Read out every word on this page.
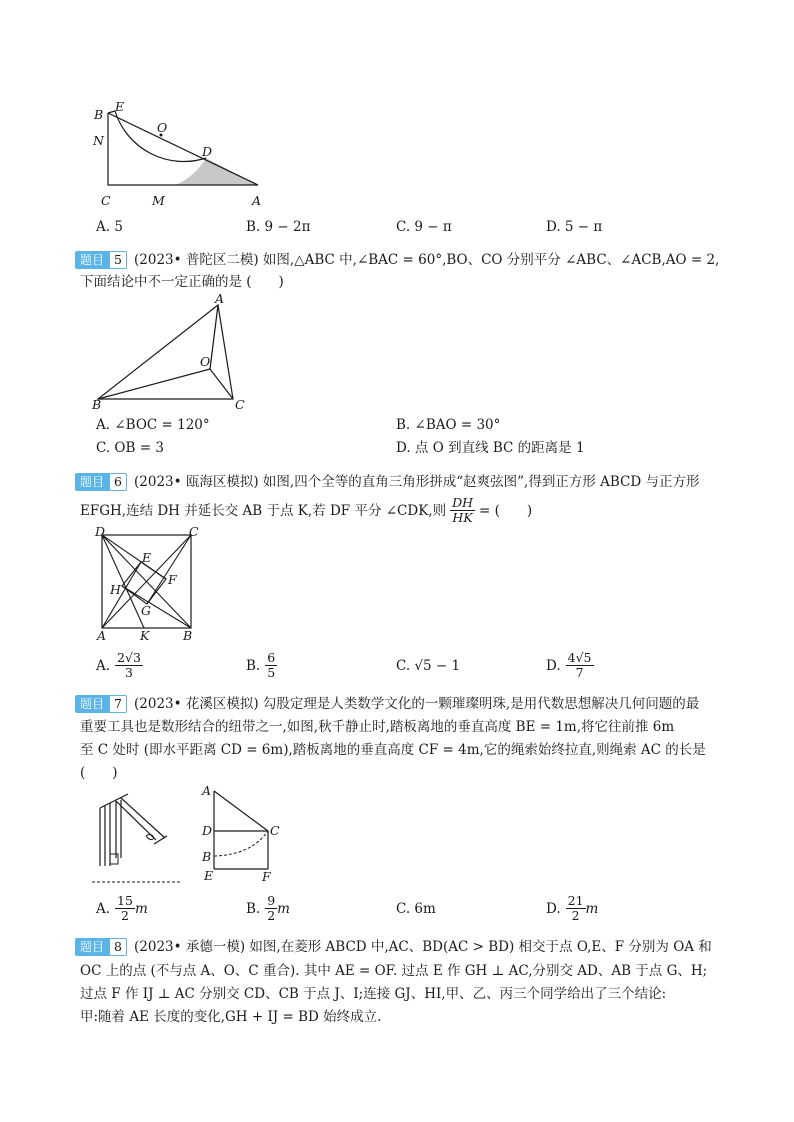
B
E
N
O
D
C	M	A
A. 5	B. 9 − 2π	C. 9 − π	D. 5 − π
题目 5 (2023• 普陀区二模) 如图,△ABC 中,∠BAC = 60°,BO、CO 分别平分 ∠ABC、∠ACB,AO = 2,
下面结论中不一定正确的是 (　　)
A
O
B	C
A. ∠BOC = 120°	B. ∠BAO = 30°
C. OB = 3	D. 点 O 到直线 BC 的距离是 1
题目 6 (2023• 瓯海区模拟) 如图,四个全等的直角三角形拼成“赵爽弦图”,得到正方形 ABCD 与正方形
EFGH,连结 DH 并延长交 AB 于点 K,若 DF 平分 ∠CDK,则 $\frac{DH}{HK}$ = (　　)
D	C
E
F
H
G
A	K	B
A. $\frac{2√3}{3}$	B. $\frac{6}{5}$	C. √5 − 1	D. $\frac{4√5}{7}$
题目 7 (2023• 花溪区模拟) 勾股定理是人类数学文化的一颗璀璨明珠,是用代数思想解决几何问题的最
重要工具也是数形结合的纽带之一,如图,秋千静止时,踏板离地的垂直高度 BE = 1m,将它往前推 6m
至 C 处时 (即水平距离 CD = 6m),踏板离地的垂直高度 CF = 4m,它的绳索始终拉直,则绳索 AC 的长是
(　　)
A
D	C
B
E	F
A. $\frac{15}{2}$ m	B. $\frac{9}{2}$ m	C. 6m	D. $\frac{21}{2}$ m
题目 8 (2023• 承德一模) 如图,在菱形 ABCD 中,AC、BD(AC > BD) 相交于点 O,E、F 分别为 OA 和
OC 上的点 (不与点 A、O、C 重合). 其中 AE = OF. 过点 E 作 GH ⊥ AC,分别交 AD、AB 于点 G、H;
过点 F 作 IJ ⊥ AC 分别交 CD、CB 于点 J、I;连接 GJ、HI,甲、乙、丙三个同学给出了三个结论:
甲:随着 AE 长度的变化,GH + IJ = BD 始终成立.
